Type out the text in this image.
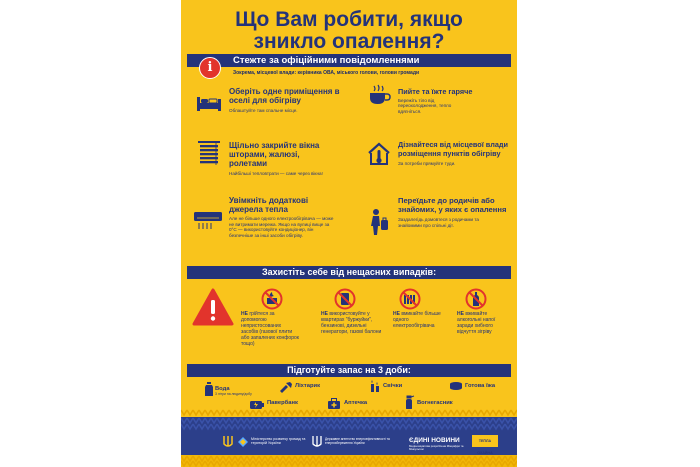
Що Вам робити, якщо
зникло опалення?
Стежте за офіційними повідомленнями
i	Зокрема, місцевої влади: керівника ОВА, міського голови, голови громади
Оберіть одне приміщення в оселі для обігріву
Облаштуйте там спальне місце.
Пийте та їжте гаряче
Бережіть тіло від переохолодження, тепло вдягніться.
Щільно закрийте вікна шторами, жалюзі, ролетами
Найбільші тепловтрати — саме через вікна!
Дізнайтеся від місцевої влади розміщення пунктів обігріву
За потреби прямуйте туди.
Увімкніть додаткові джерела тепла
Але не більше одного електрообігрівача — може не витримати мережа. Якщо на вулиці вище за 0°С — використовуйте кондиціонер, він безпечніше за інші засоби обігріву.
Переїдьте до родичів або знайомих, у яких є опалення
Заздалегідь домовтеся з родичами та знайомими про спільні дії.
Захистіть себе від нещасних випадків:
НЕ грійтеся за допомогою непристосованих засобів (газової плити або запалених конфорок тощо)
НЕ використовуйте у квартирах "буржуйки", бензинові, дизельні генератори, газові балони
НЕ вмикайте більше одного електрообігрівача
НЕ вживайте алкогольні напої заради хибного відчуття зігріву
Підготуйте запас на 3 доби:
Вода
3 літри на людину/добу
Ліхтарик	Свічки	Готова їжа
Павербанк	Аптечка	Вогнегасник
Міністерство розвитку громад та територій України
Державне агентство енергоефективності та енергозбереження України	ЄДИНІ НОВИНИ
Медіа-ініціатива розроблена Мінцифри та Мінкультом
ТЕПЛА ОХАЙНА
